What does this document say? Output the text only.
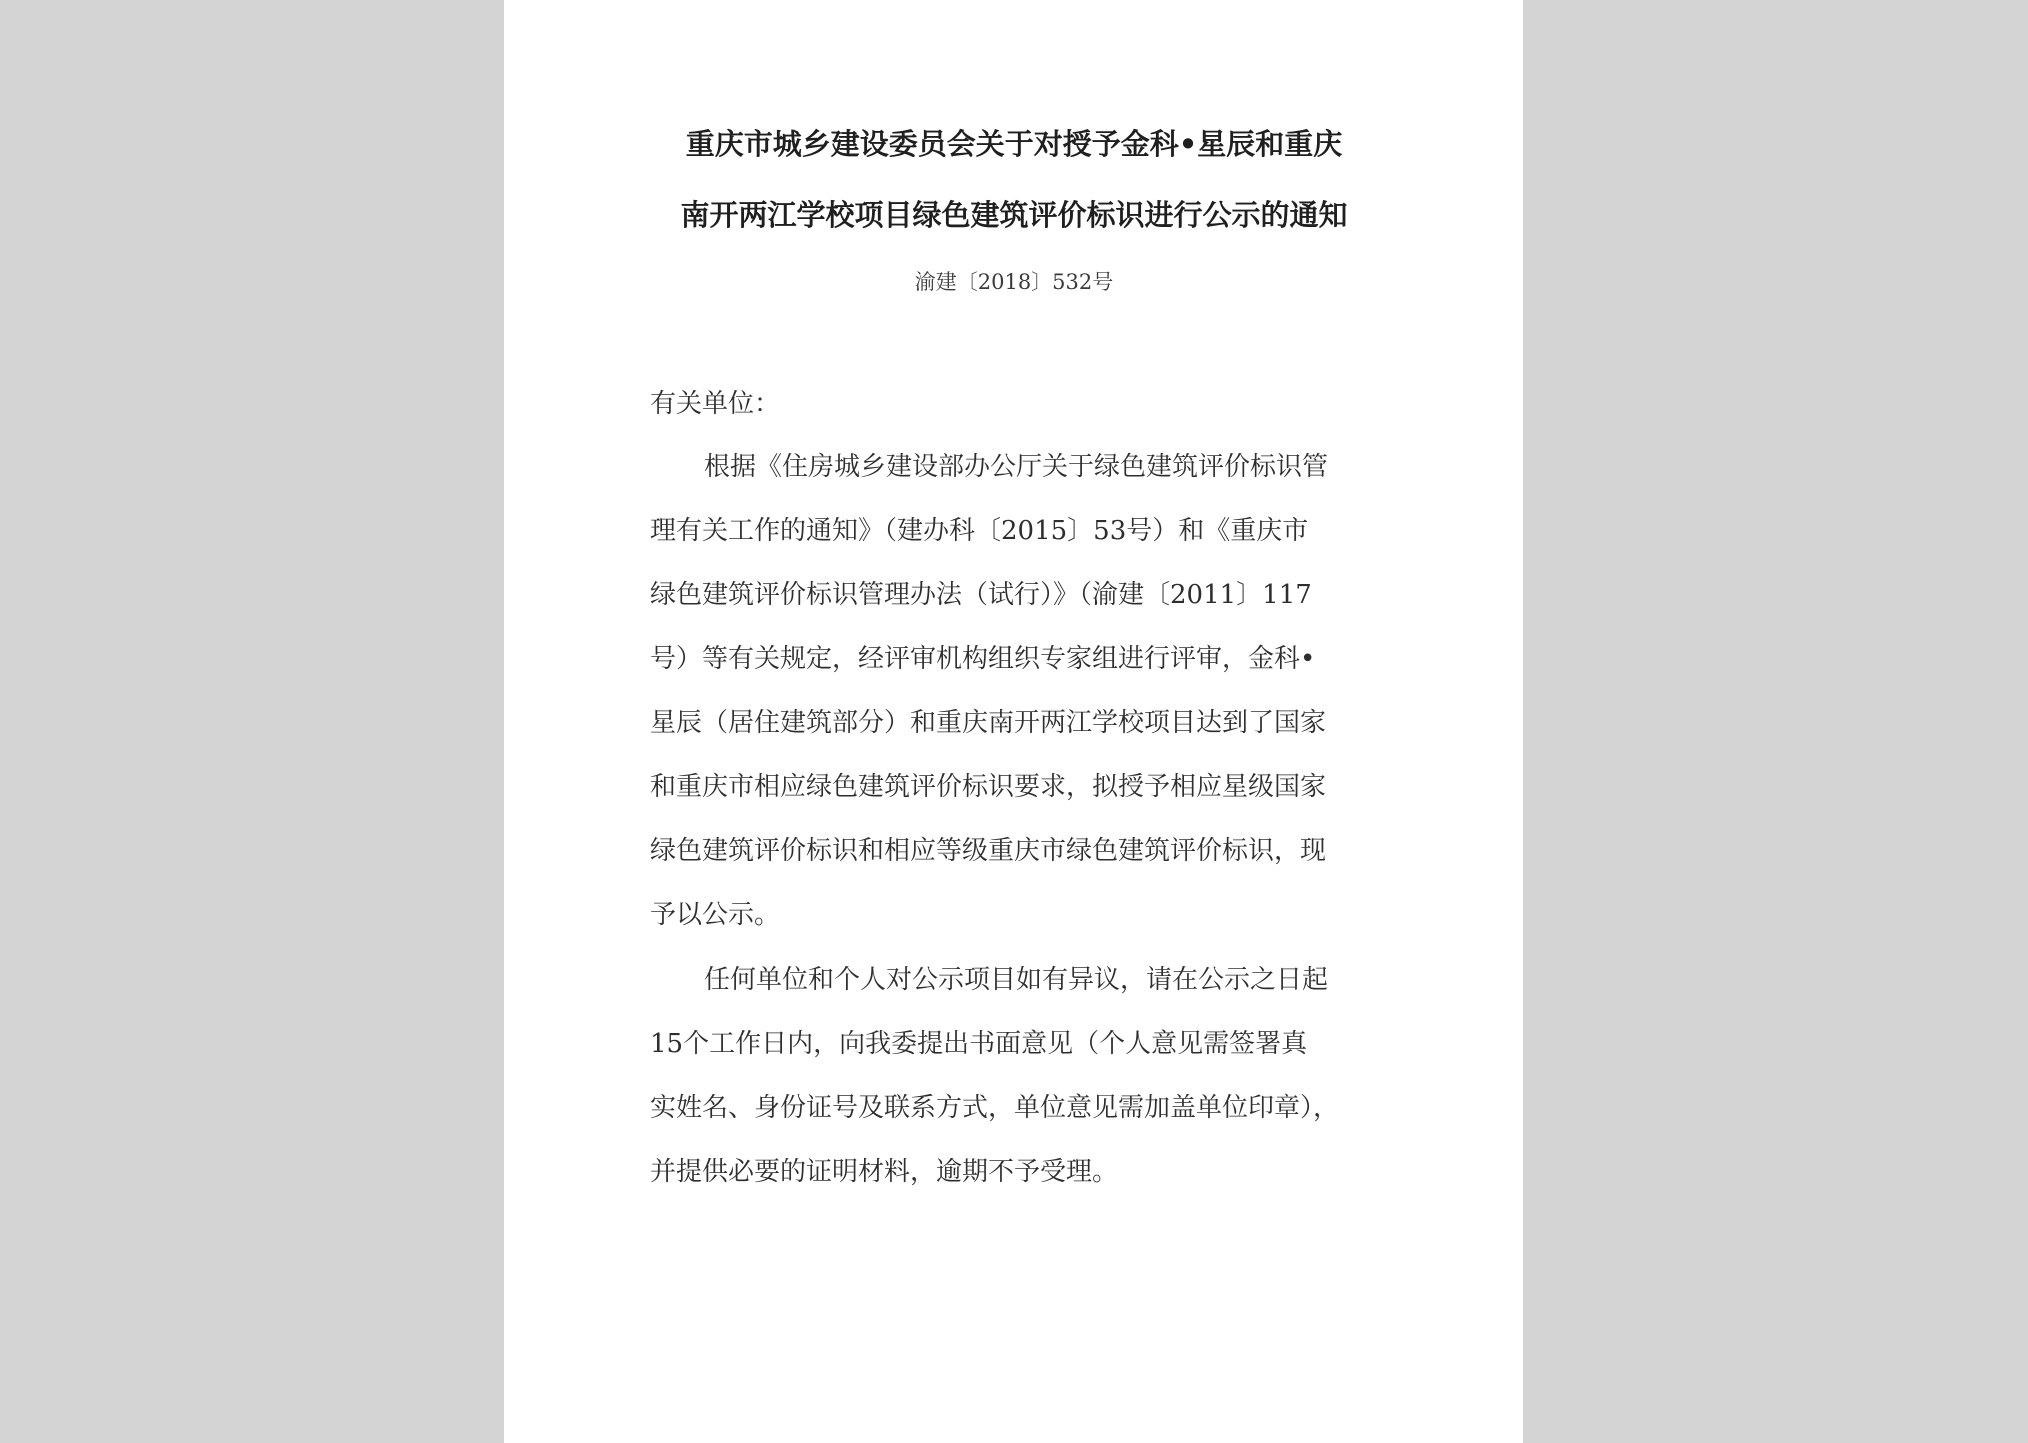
重庆市城乡建设委员会关于对授予金科•星辰和重庆
南开两江学校项目绿色建筑评价标识进行公示的通知
渝建〔2018〕532号
有关单位：
根据《住房城乡建设部办公厅关于绿色建筑评价标识管
理有关工作的通知》（建办科〔2015〕53号）和《重庆市
绿色建筑评价标识管理办法（试行）》（渝建〔2011〕117
号）等有关规定，经评审机构组织专家组进行评审，金科•
星辰（居住建筑部分）和重庆南开两江学校项目达到了国家
和重庆市相应绿色建筑评价标识要求，拟授予相应星级国家
绿色建筑评价标识和相应等级重庆市绿色建筑评价标识，现
予以公示。
任何单位和个人对公示项目如有异议，请在公示之日起
15个工作日内，向我委提出书面意见（个人意见需签署真
实姓名、身份证号及联系方式，单位意见需加盖单位印章），
并提供必要的证明材料，逾期不予受理。
